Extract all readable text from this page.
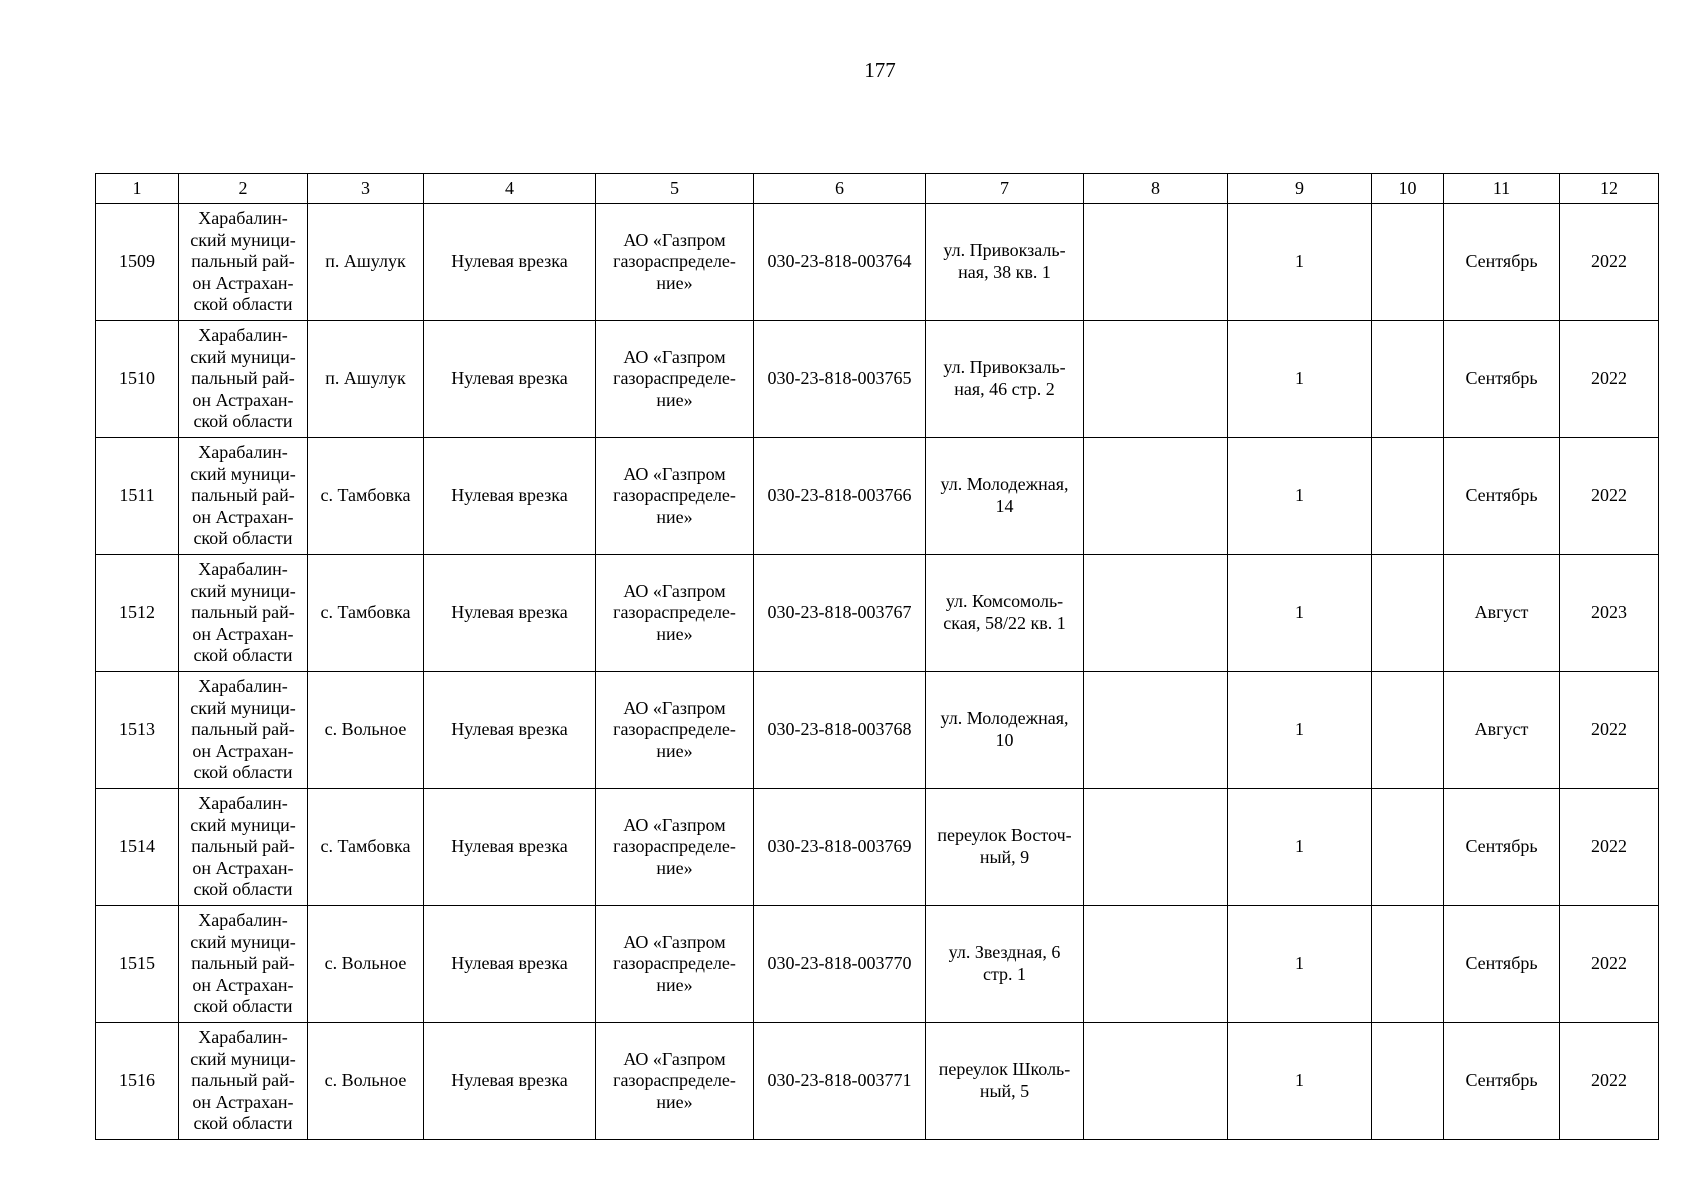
177
1	2	3	4	5	6	7	8	9	10	11	12
1509	Харабалин-
ский муници-
пальный рай-
он Астрахан-
ской области	п. Ашулук	Нулевая врезка	АО «Газпром
газораспределе-
ние»	030-23-818-003764	ул. Привокзаль-
ная, 38 кв. 1		1		Сентябрь	2022
1510	Харабалин-
ский муници-
пальный рай-
он Астрахан-
ской области	п. Ашулук	Нулевая врезка	АО «Газпром
газораспределе-
ние»	030-23-818-003765	ул. Привокзаль-
ная, 46 стр. 2		1		Сентябрь	2022
1511	Харабалин-
ский муници-
пальный рай-
он Астрахан-
ской области	с. Тамбовка	Нулевая врезка	АО «Газпром
газораспределе-
ние»	030-23-818-003766	ул. Молодежная,
14		1		Сентябрь	2022
1512	Харабалин-
ский муници-
пальный рай-
он Астрахан-
ской области	с. Тамбовка	Нулевая врезка	АО «Газпром
газораспределе-
ние»	030-23-818-003767	ул. Комсомоль-
ская, 58/22 кв. 1		1		Август	2023
1513	Харабалин-
ский муници-
пальный рай-
он Астрахан-
ской области	с. Вольное	Нулевая врезка	АО «Газпром
газораспределе-
ние»	030-23-818-003768	ул. Молодежная,
10		1		Август	2022
1514	Харабалин-
ский муници-
пальный рай-
он Астрахан-
ской области	с. Тамбовка	Нулевая врезка	АО «Газпром
газораспределе-
ние»	030-23-818-003769	переулок Восточ-
ный, 9		1		Сентябрь	2022
1515	Харабалин-
ский муници-
пальный рай-
он Астрахан-
ской области	с. Вольное	Нулевая врезка	АО «Газпром
газораспределе-
ние»	030-23-818-003770	ул. Звездная, 6
стр. 1		1		Сентябрь	2022
1516	Харабалин-
ский муници-
пальный рай-
он Астрахан-
ской области	с. Вольное	Нулевая врезка	АО «Газпром
газораспределе-
ние»	030-23-818-003771	переулок Школь-
ный, 5		1		Сентябрь	2022
